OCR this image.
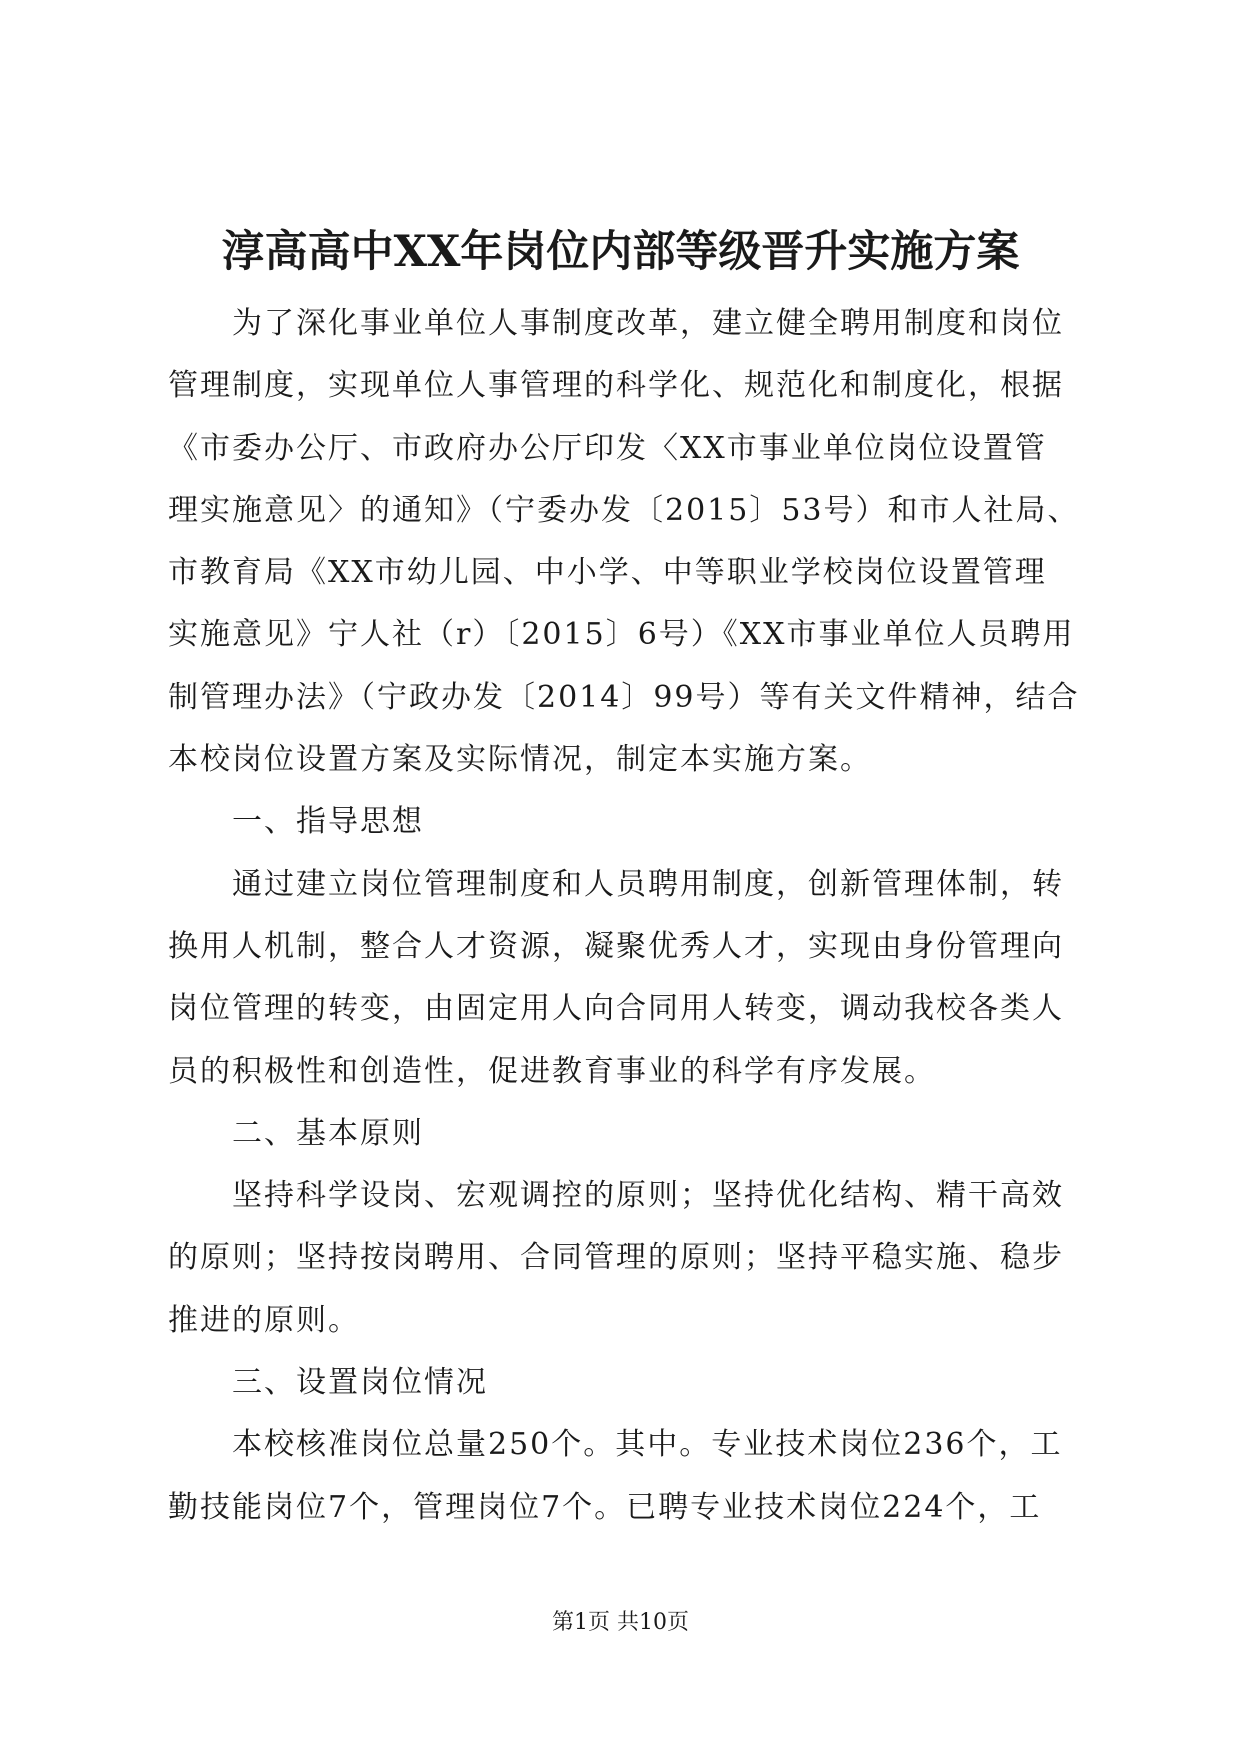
淳高高中XX年岗位内部等级晋升实施方案
为了深化事业单位人事制度改革，建立健全聘用制度和岗位
管理制度，实现单位人事管理的科学化、规范化和制度化，根据
《市委办公厅、市政府办公厅印发〈XX市事业单位岗位设置管
理实施意见〉的通知》（宁委办发〔2015〕53号）和市人社局、
市教育局《XX市幼儿园、中小学、中等职业学校岗位设置管理
实施意见》宁人社（r）〔2015〕6号）《XX市事业单位人员聘用
制管理办法》（宁政办发〔2014〕99号）等有关文件精神，结合
本校岗位设置方案及实际情况，制定本实施方案。
一、指导思想
通过建立岗位管理制度和人员聘用制度，创新管理体制，转
换用人机制，整合人才资源，凝聚优秀人才，实现由身份管理向
岗位管理的转变，由固定用人向合同用人转变，调动我校各类人
员的积极性和创造性，促进教育事业的科学有序发展。
二、基本原则
坚持科学设岗、宏观调控的原则；坚持优化结构、精干高效
的原则；坚持按岗聘用、合同管理的原则；坚持平稳实施、稳步
推进的原则。
三、设置岗位情况
本校核准岗位总量250个。其中。专业技术岗位236个，工
勤技能岗位7个，管理岗位7个。已聘专业技术岗位224个，工
第1页 共10页
